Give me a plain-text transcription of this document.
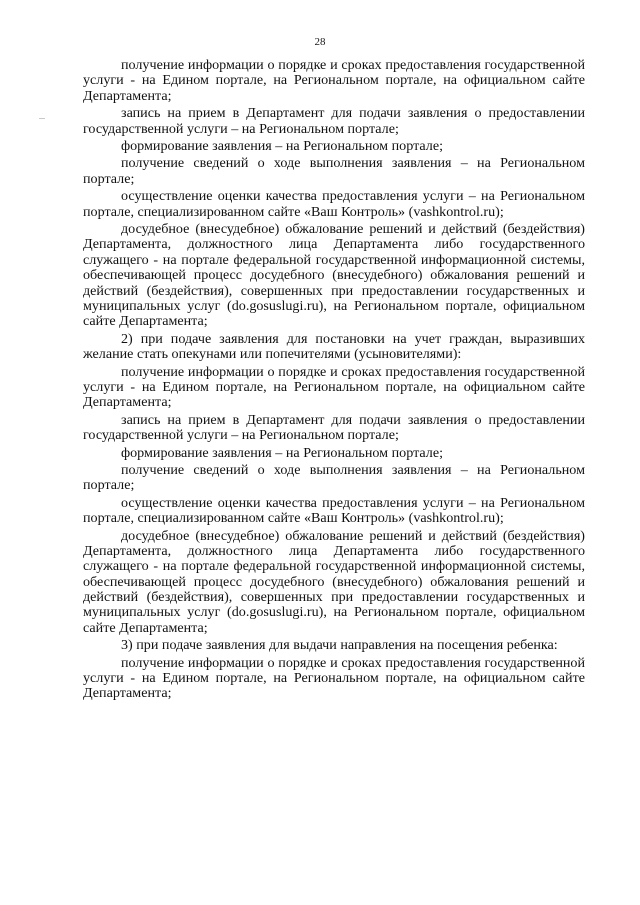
28

получение информации о порядке и сроках предоставления государственной услуги - на Едином портале, на Региональном портале, на официальном сайте Департамента;

запись на прием в Департамент для подачи заявления о предоставлении государственной услуги – на Региональном портале;

формирование заявления – на Региональном портале;

получение сведений о ходе выполнения заявления – на Региональном портале;

осуществление оценки качества предоставления услуги – на Региональном портале, специализированном сайте «Ваш Контроль» (vashkontrol.ru);

досудебное (внесудебное) обжалование решений и действий (бездействия) Департамента, должностного лица Департамента либо государственного служащего - на портале федеральной государственной информационной системы, обеспечивающей процесс досудебного (внесудебного) обжалования решений и действий (бездействия), совершенных при предоставлении государственных и муниципальных услуг (do.gosuslugi.ru), на Региональном портале, официальном сайте Департамента;

2) при подаче заявления для постановки на учет граждан, выразивших желание стать опекунами или попечителями (усыновителями):

получение информации о порядке и сроках предоставления государственной услуги - на Едином портале, на Региональном портале, на официальном сайте Департамента;

запись на прием в Департамент для подачи заявления о предоставлении государственной услуги – на Региональном портале;

формирование заявления – на Региональном портале;

получение сведений о ходе выполнения заявления – на Региональном портале;

осуществление оценки качества предоставления услуги – на Региональном портале, специализированном сайте «Ваш Контроль» (vashkontrol.ru);

досудебное (внесудебное) обжалование решений и действий (бездействия) Департамента, должностного лица Департамента либо государственного служащего - на портале федеральной государственной информационной системы, обеспечивающей процесс досудебного (внесудебного) обжалования решений и действий (бездействия), совершенных при предоставлении государственных и муниципальных услуг (do.gosuslugi.ru), на Региональном портале, официальном сайте Департамента;

3) при подаче заявления для выдачи направления на посещения ребенка:

получение информации о порядке и сроках предоставления государственной услуги - на Едином портале, на Региональном портале, на официальном сайте Департамента;
